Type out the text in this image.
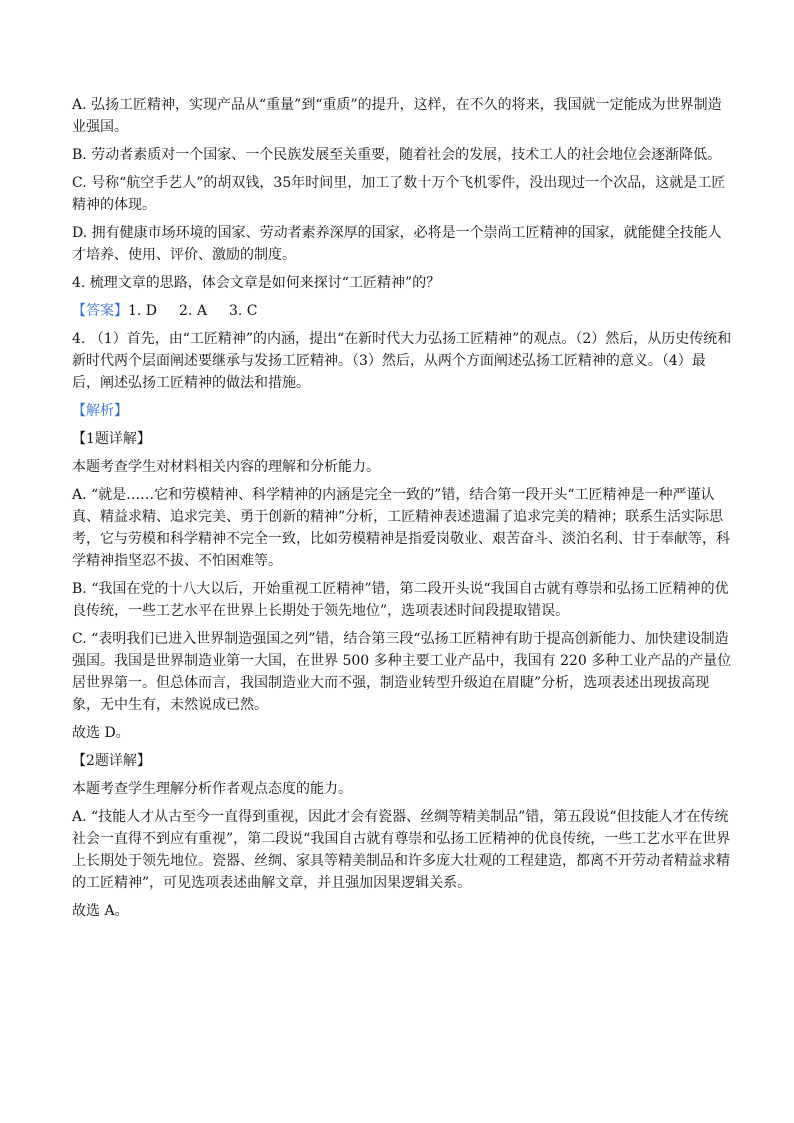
A. 弘扬工匠精神，实现产品从“重量”到“重质”的提升，这样，在不久的将来，我国就一定能成为世界制造业强国。

B. 劳动者素质对一个国家、一个民族发展至关重要，随着社会的发展，技术工人的社会地位会逐渐降低。

C. 号称“航空手艺人”的胡双钱，35年时间里，加工了数十万个飞机零件，没出现过一个次品，这就是工匠精神的体现。

D. 拥有健康市场环境的国家、劳动者素养深厚的国家，必将是一个崇尚工匠精神的国家，就能健全技能人才培养、使用、评价、激励的制度。

4. 梳理文章的思路，体会文章是如何来探讨“工匠精神”的？

【答案】1. D 2. A 3. C

4. （1）首先，由“工匠精神”的内涵，提出“在新时代大力弘扬工匠精神”的观点。（2）然后，从历史传统和新时代两个层面阐述要继承与发扬工匠精神。（3）然后，从两个方面阐述弘扬工匠精神的意义。（4）最后，阐述弘扬工匠精神的做法和措施。

【解析】

【1题详解】

本题考查学生对材料相关内容的理解和分析能力。

A. “就是……它和劳模精神、科学精神的内涵是完全一致的”错，结合第一段开头“工匠精神是一种严谨认真、精益求精、追求完美、勇于创新的精神”分析，工匠精神表述遗漏了追求完美的精神；联系生活实际思考，它与劳模和科学精神不完全一致，比如劳模精神是指爱岗敬业、艰苦奋斗、淡泊名利、甘于奉献等，科学精神指坚忍不拔、不怕困难等。

B. “我国在党的十八大以后，开始重视工匠精神”错，第二段开头说“我国自古就有尊崇和弘扬工匠精神的优良传统，一些工艺水平在世界上长期处于领先地位”，选项表述时间段提取错误。

C. “表明我们已进入世界制造强国之列”错，结合第三段“弘扬工匠精神有助于提高创新能力、加快建设制造强国。我国是世界制造业第一大国，在世界 500 多种主要工业产品中，我国有 220 多种工业产品的产量位居世界第一。但总体而言，我国制造业大而不强，制造业转型升级迫在眉睫”分析，选项表述出现拔高现象，无中生有，未然说成已然。

故选 D。

【2题详解】

本题考查学生理解分析作者观点态度的能力。

A. “技能人才从古至今一直得到重视，因此才会有瓷器、丝绸等精美制品”错，第五段说“但技能人才在传统社会一直得不到应有重视”，第二段说“我国自古就有尊崇和弘扬工匠精神的优良传统，一些工艺水平在世界上长期处于领先地位。瓷器、丝绸、家具等精美制品和许多庞大壮观的工程建造，都离不开劳动者精益求精的工匠精神”，可见选项表述曲解文章，并且强加因果逻辑关系。

故选 A。
